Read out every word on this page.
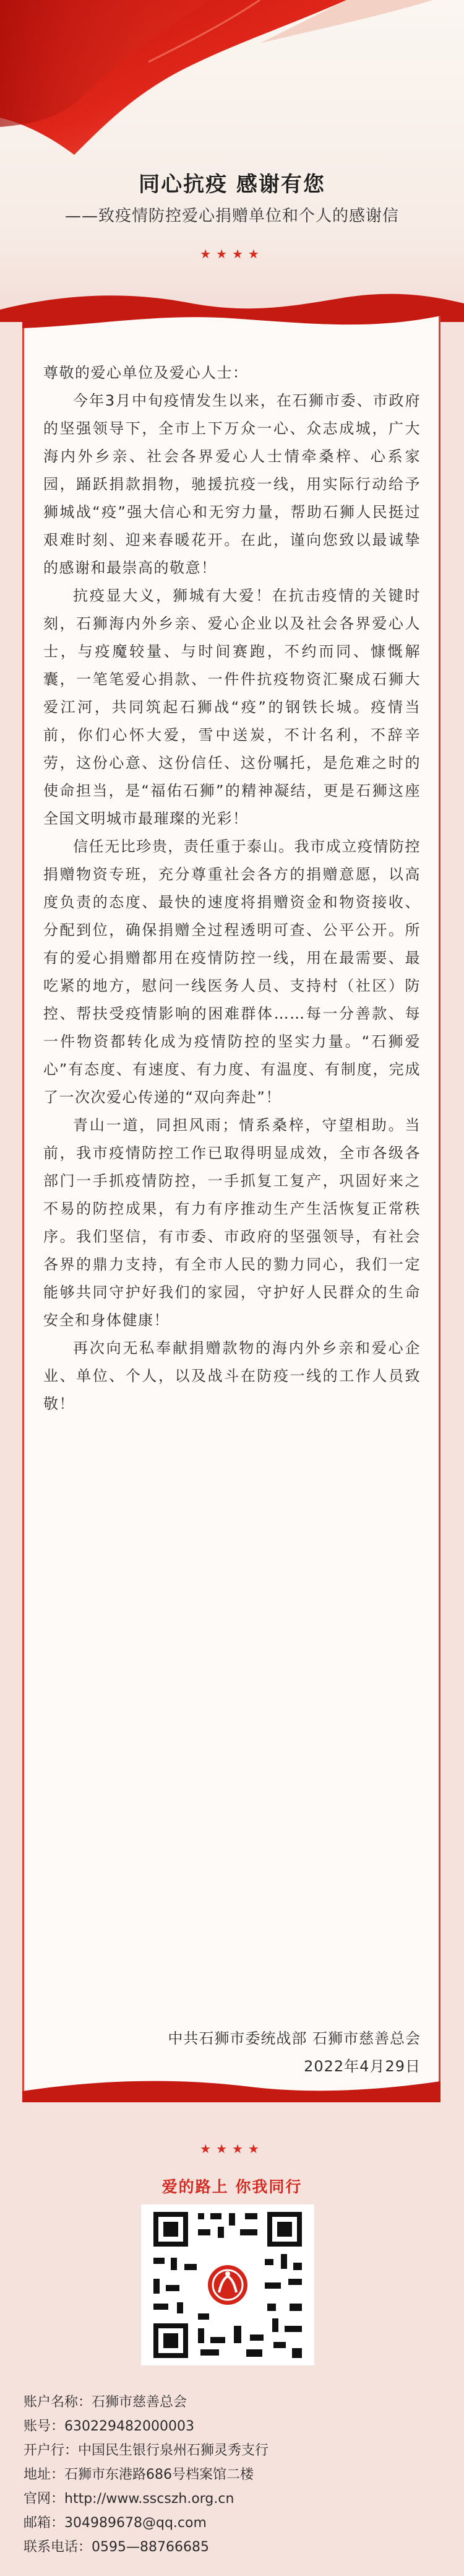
同心抗疫 感谢有您
——致疫情防控爱心捐赠单位和个人的感谢信
★★★★

尊敬的爱心单位及爱心人士：

今年3月中旬疫情发生以来，在石狮市委、市政府的坚强领导下，全市上下万众一心、众志成城，广大海内外乡亲、社会各界爱心人士情牵桑梓、心系家园，踊跃捐款捐物，驰援抗疫一线，用实际行动给予狮城战“疫”强大信心和无穷力量，帮助石狮人民挺过艰难时刻、迎来春暖花开。在此，谨向您致以最诚挚的感谢和最崇高的敬意！

抗疫显大义，狮城有大爱！在抗击疫情的关键时刻，石狮海内外乡亲、爱心企业以及社会各界爱心人士，与疫魔较量、与时间赛跑，不约而同、慷慨解囊，一笔笔爱心捐款、一件件抗疫物资汇聚成石狮大爱江河，共同筑起石狮战“疫”的钢铁长城。疫情当前，你们心怀大爱，雪中送炭，不计名利，不辞辛劳，这份心意、这份信任、这份嘱托，是危难之时的使命担当，是“福佑石狮”的精神凝结，更是石狮这座全国文明城市最璀璨的光彩！

信任无比珍贵，责任重于泰山。我市成立疫情防控捐赠物资专班，充分尊重社会各方的捐赠意愿，以高度负责的态度、最快的速度将捐赠资金和物资接收、分配到位，确保捐赠全过程透明可查、公平公开。所有的爱心捐赠都用在疫情防控一线，用在最需要、最吃紧的地方，慰问一线医务人员、支持村（社区）防控、帮扶受疫情影响的困难群体……每一分善款、每一件物资都转化成为疫情防控的坚实力量。“石狮爱心”有态度、有速度、有力度、有温度、有制度，完成了一次次爱心传递的“双向奔赴”！

青山一道，同担风雨；情系桑梓，守望相助。当前，我市疫情防控工作已取得明显成效，全市各级各部门一手抓疫情防控，一手抓复工复产，巩固好来之不易的防控成果，有力有序推动生产生活恢复正常秩序。我们坚信，有市委、市政府的坚强领导，有社会各界的鼎力支持，有全市人民的勠力同心，我们一定能够共同守护好我们的家园，守护好人民群众的生命安全和身体健康！

再次向无私奉献捐赠款物的海内外乡亲和爱心企业、单位、个人，以及战斗在防疫一线的工作人员致敬！

中共石狮市委统战部 石狮市慈善总会
2022年4月29日
★★★★
爱的路上 你我同行
账户名称：石狮市慈善总会
账号：630229482000003
开户行：中国民生银行泉州石狮灵秀支行
地址：石狮市东港路686号档案馆二楼
官网：http://www.sscszh.org.cn
邮箱：304989678@qq.com
联系电话：0595—88766685
